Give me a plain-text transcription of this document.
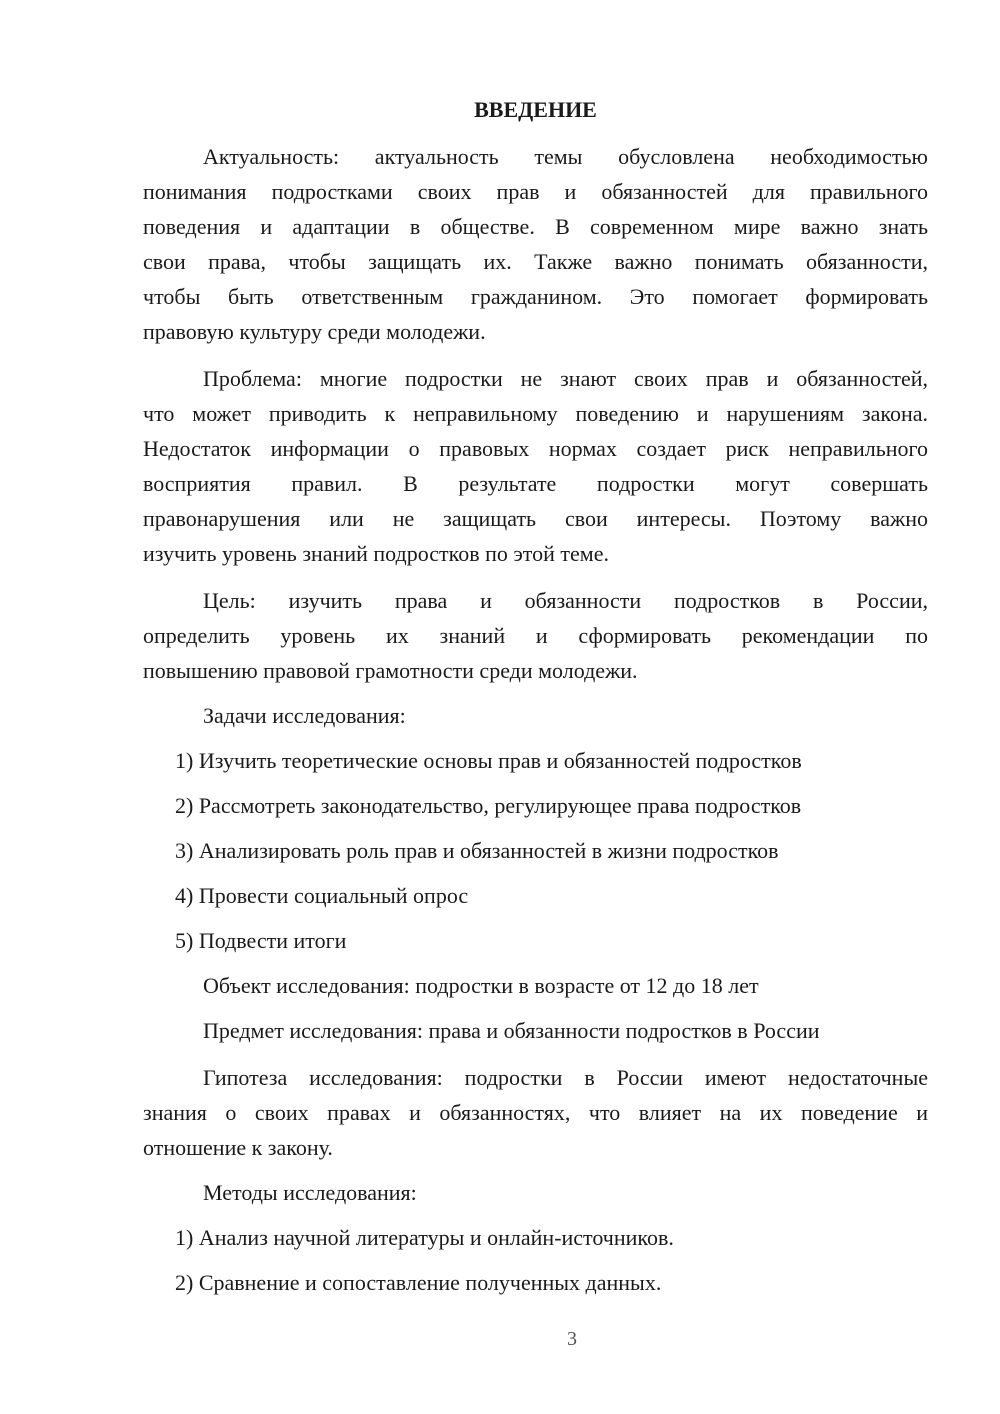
ВВЕДЕНИЕ
Актуальность: актуальность темы обусловлена необходимостью
понимания подростками своих прав и обязанностей для правильного
поведения и адаптации в обществе. В современном мире важно знать
свои права, чтобы защищать их. Также важно понимать обязанности,
чтобы быть ответственным гражданином. Это помогает формировать
правовую культуру среди молодежи.
Проблема: многие подростки не знают своих прав и обязанностей,
что может приводить к неправильному поведению и нарушениям закона.
Недостаток информации о правовых нормах создает риск неправильного
восприятия правил. В результате подростки могут совершать
правонарушения или не защищать свои интересы. Поэтому важно
изучить уровень знаний подростков по этой теме.
Цель: изучить права и обязанности подростков в России,
определить уровень их знаний и сформировать рекомендации по
повышению правовой грамотности среди молодежи.
Задачи исследования:
1) Изучить теоретические основы прав и обязанностей подростков
2) Рассмотреть законодательство, регулирующее права подростков
3) Анализировать роль прав и обязанностей в жизни подростков
4) Провести социальный опрос
5) Подвести итоги
Объект исследования: подростки в возрасте от 12 до 18 лет
Предмет исследования: права и обязанности подростков в России
Гипотеза исследования: подростки в России имеют недостаточные
знания о своих правах и обязанностях, что влияет на их поведение и
отношение к закону.
Методы исследования:
1) Анализ научной литературы и онлайн-источников.
2) Сравнение и сопоставление полученных данных.
3
